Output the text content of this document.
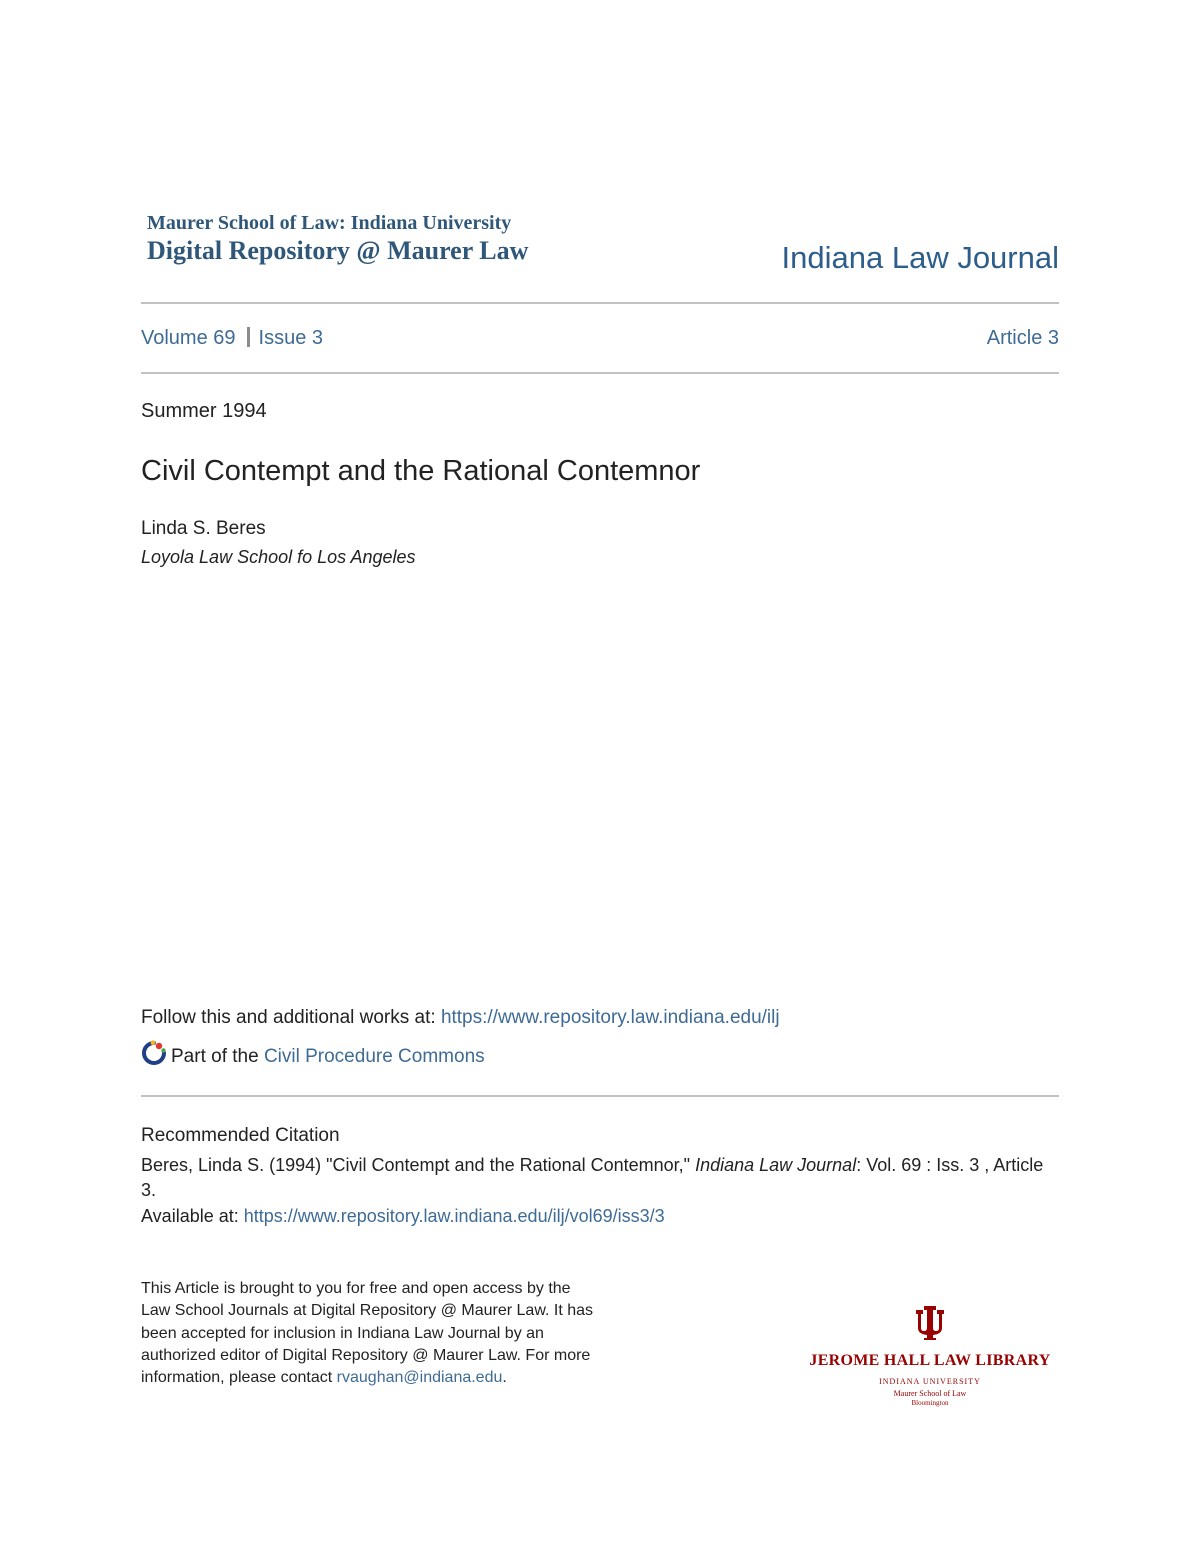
Maurer School of Law: Indiana University
Digital Repository @ Maurer Law	Indiana Law Journal
Volume 69 Issue 3	Article 3
Summer 1994
Civil Contempt and the Rational Contemnor
Linda S. Beres
Loyola Law School fo Los Angeles
Follow this and additional works at: https://www.repository.law.indiana.edu/ilj
Part of the Civil Procedure Commons
Recommended Citation
Beres, Linda S. (1994) "Civil Contempt and the Rational Contemnor," Indiana Law Journal: Vol. 69 : Iss. 3 , Article 3.
Available at: https://www.repository.law.indiana.edu/ilj/vol69/iss3/3
This Article is brought to you for free and open access by the Law School Journals at Digital Repository @ Maurer Law. It has been accepted for inclusion in Indiana Law Journal by an authorized editor of Digital Repository @ Maurer Law. For more information, please contact rvaughan@indiana.edu.
JEROME HALL LAW LIBRARY
INDIANA UNIVERSITY
Maurer School of Law
Bloomington
